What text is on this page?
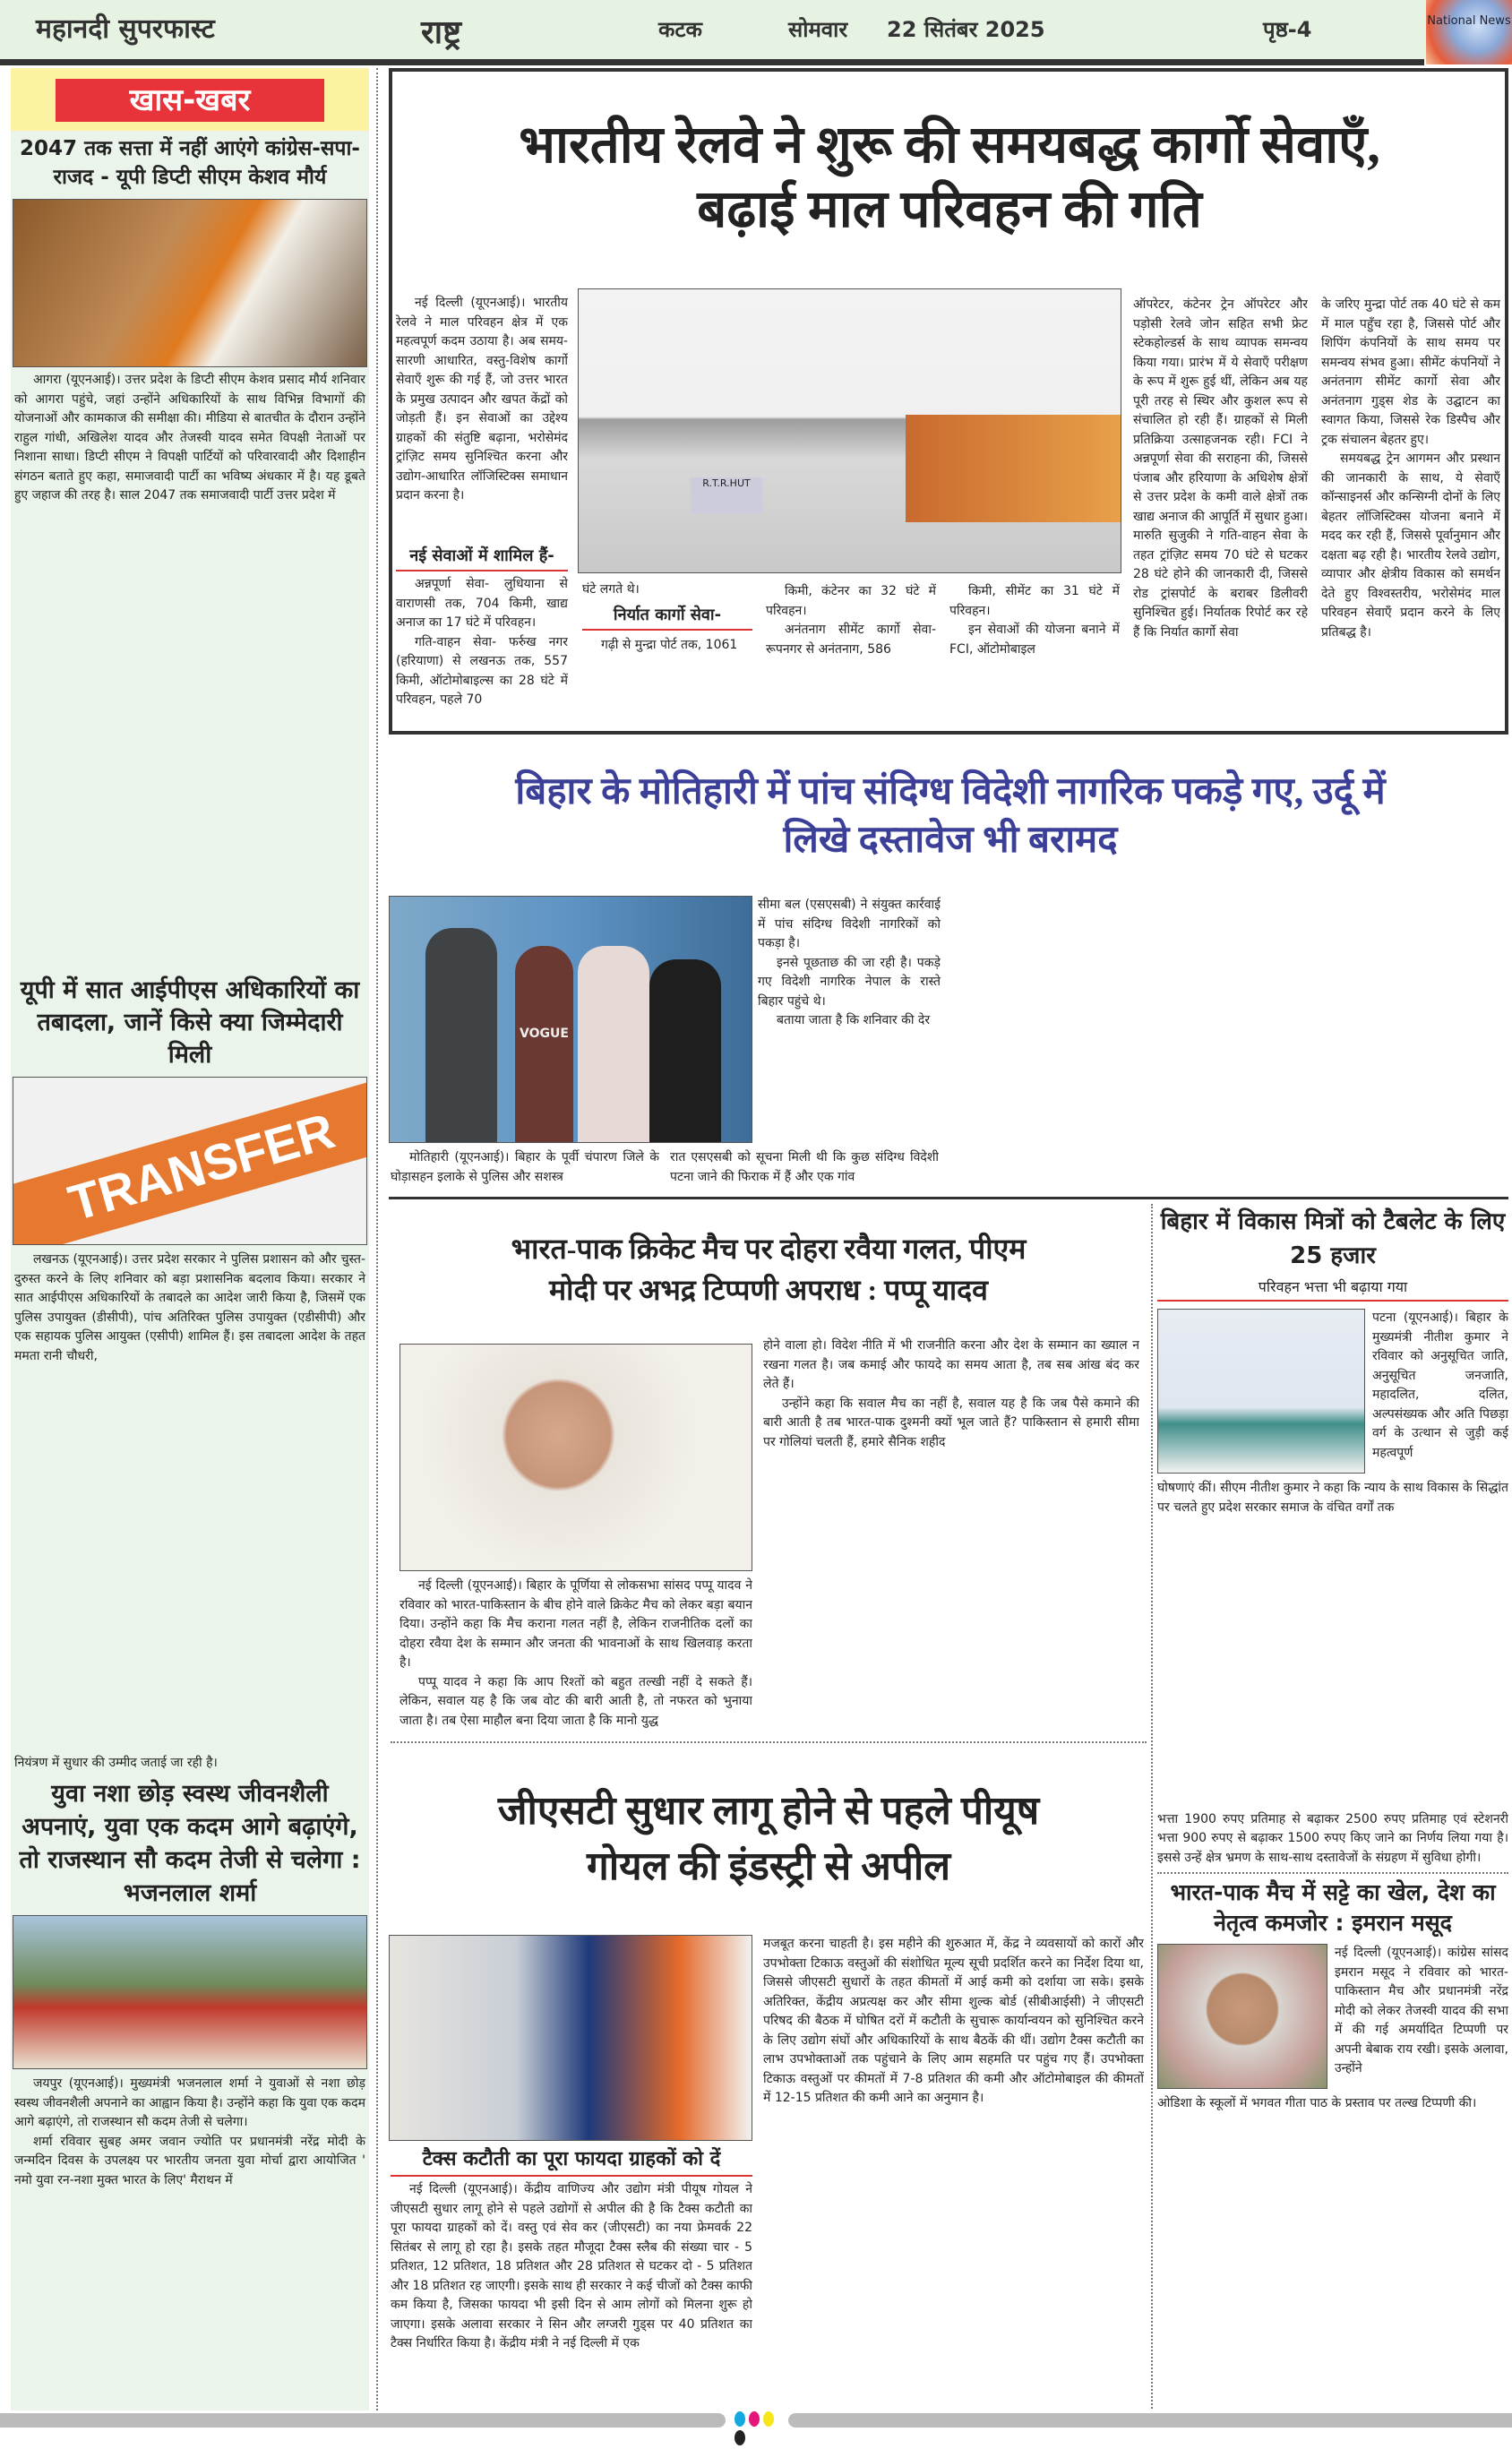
महानदी सुपरफास्ट	राष्ट्र	कटक	सोमवार 22 सितंबर 2025	पृष्ठ-4	National News
खास-खबर
2047 तक सत्ता में नहीं आएंगे कांग्रेस-सपा-राजद - यूपी डिप्टी सीएम केशव मौर्य

आगरा (यूएनआई)। उत्तर प्रदेश के डिप्टी सीएम केशव प्रसाद मौर्य शनिवार को आगरा पहुंचे, जहां उन्होंने अधिकारियों के साथ विभिन्न विभागों की योजनाओं और कामकाज की समीक्षा की। मीडिया से बातचीत के दौरान उन्होंने राहुल गांधी, अखिलेश यादव और तेजस्वी यादव समेत विपक्षी नेताओं पर निशाना साधा। डिप्टी सीएम ने विपक्षी पार्टियों को परिवारवादी और दिशाहीन संगठन बताते हुए कहा, समाजवादी पार्टी का भविष्य अंधकार में है। यह डूबते हुए जहाज की तरह है। साल 2047 तक समाजवादी पार्टी उत्तर प्रदेश में

यूपी में सात आईपीएस अधिकारियों का तबादला, जानें किसे क्या जिम्मेदारी मिली
TRANSFER

लखनऊ (यूएनआई)। उत्तर प्रदेश सरकार ने पुलिस प्रशासन को और चुस्त-दुरुस्त करने के लिए शनिवार को बड़ा प्रशासनिक बदलाव किया। सरकार ने सात आईपीएस अधिकारियों के तबादले का आदेश जारी किया है, जिसमें एक पुलिस उपायुक्त (डीसीपी), पांच अतिरिक्त पुलिस उपायुक्त (एडीसीपी) और एक सहायक पुलिस आयुक्त (एसीपी) शामिल हैं। इस तबादला आदेश के तहत ममता रानी चौधरी,

नियंत्रण में सुधार की उम्मीद जताई जा रही है।
युवा नशा छोड़ स्वस्थ जीवनशैली अपनाएं, युवा एक कदम आगे बढ़ाएंगे, तो राजस्थान सौ कदम तेजी से चलेगा : भजनलाल शर्मा

जयपुर (यूएनआई)। मुख्यमंत्री भजनलाल शर्मा ने युवाओं से नशा छोड़ स्वस्थ जीवनशैली अपनाने का आह्वान किया है। उन्होंने कहा कि युवा एक कदम आगे बढ़ाएंगे, तो राजस्थान सौ कदम तेजी से चलेगा।

शर्मा रविवार सुबह अमर जवान ज्योति पर प्रधानमंत्री नरेंद्र मोदी के जन्मदिन दिवस के उपलक्ष्य पर भारतीय जनता युवा मोर्चा द्वारा आयोजित ' नमो युवा रन-नशा मुक्त भारत के लिए' मैराथन में

भारतीय रेलवे ने शुरू की समयबद्ध कार्गो सेवाएँ,
बढ़ाई माल परिवहन की गति

नई दिल्ली (यूएनआई)। भारतीय रेलवे ने माल परिवहन क्षेत्र में एक महत्वपूर्ण कदम उठाया है। अब समय-सारणी आधारित, वस्तु-विशेष कार्गो सेवाएँ शुरू की गई हैं, जो उत्तर भारत के प्रमुख उत्पादन और खपत केंद्रों को जोड़ती हैं। इन सेवाओं का उद्देश्य ग्राहकों की संतुष्टि बढ़ाना, भरोसेमंद ट्रांज़िट समय सुनिश्चित करना और उद्योग-आधारित लॉजिस्टिक्स समाधान प्रदान करना है।

नई सेवाओं में शामिल हैं-

अन्नपूर्णा सेवा- लुधियाना से वाराणसी तक, 704 किमी, खाद्य अनाज का 17 घंटे में परिवहन।

गति-वाहन सेवा- फर्रुख नगर (हरियाणा) से लखनऊ तक, 557 किमी, ऑटोमोबाइल्स का 28 घंटे में परिवहन, पहले 70

R.T.R.HUT
घंटे लगते थे।
निर्यात कार्गो सेवा-

गढ़ी से मुन्द्रा पोर्ट तक, 1061

किमी, कंटेनर का 32 घंटे में परिवहन।

अनंतनाग सीमेंट कार्गो सेवा- रूपनगर से अनंतनाग, 586

किमी, सीमेंट का 31 घंटे में परिवहन।

इन सेवाओं की योजना बनाने में FCI, ऑटोमोबाइल

ऑपरेटर, कंटेनर ट्रेन ऑपरेटर और पड़ोसी रेलवे जोन सहित सभी फ्रेट स्टेकहोल्डर्स के साथ व्यापक समन्वय किया गया। प्रारंभ में ये सेवाएँ परीक्षण के रूप में शुरू हुई थीं, लेकिन अब यह पूरी तरह से स्थिर और कुशल रूप से संचालित हो रही हैं। ग्राहकों से मिली प्रतिक्रिया उत्साहजनक रही। FCI ने अन्नपूर्णा सेवा की सराहना की, जिससे पंजाब और हरियाणा के अधिशेष क्षेत्रों से उत्तर प्रदेश के कमी वाले क्षेत्रों तक खाद्य अनाज की आपूर्ति में सुधार हुआ। मारुति सुजुकी ने गति-वाहन सेवा के तहत ट्रांज़िट समय 70 घंटे से घटकर 28 घंटे होने की जानकारी दी, जिससे रोड ट्रांसपोर्ट के बराबर डिलीवरी सुनिश्चित हुई। निर्यातक रिपोर्ट कर रहे हैं कि निर्यात कार्गो सेवा
के जरिए मुन्द्रा पोर्ट तक 40 घंटे से कम में माल पहुँच रहा है, जिससे पोर्ट और शिपिंग कंपनियों के साथ समय पर समन्वय संभव हुआ। सीमेंट कंपनियों ने अनंतनाग सीमेंट कार्गो सेवा और अनंतनाग गुड्स शेड के उद्घाटन का स्वागत किया, जिससे रेक डिस्पैच और ट्रक संचालन बेहतर हुए।

समयबद्ध ट्रेन आगमन और प्रस्थान की जानकारी के साथ, ये सेवाएँ कॉन्साइनर्स और कन्सिग्नी दोनों के लिए बेहतर लॉजिस्टिक्स योजना बनाने में मदद कर रही हैं, जिससे पूर्वानुमान और दक्षता बढ़ रही है। भारतीय रेलवे उद्योग, व्यापार और क्षेत्रीय विकास को समर्थन देते हुए विश्वस्तरीय, भरोसेमंद माल परिवहन सेवाएँ प्रदान करने के लिए प्रतिबद्ध है।

बिहार के मोतिहारी में पांच संदिग्ध विदेशी नागरिक पकड़े गए, उर्दू में
लिखे दस्तावेज भी बरामद
VOGUE
सीमा बल (एसएसबी) ने संयुक्त कार्रवाई में पांच संदिग्ध विदेशी नागरिकों को पकड़ा है।

इनसे पूछताछ की जा रही है। पकड़े गए विदेशी नागरिक नेपाल के रास्ते बिहार पहुंचे थे।

बताया जाता है कि शनिवार की देर

मोतिहारी (यूएनआई)। बिहार के पूर्वी चंपारण जिले के घोड़ासहन इलाके से पुलिस और सशस्त्र

रात एसएसबी को सूचना मिली थी कि कुछ संदिग्ध विदेशी पटना जाने की फिराक में हैं और एक गांव
भारत-पाक क्रिकेट मैच पर दोहरा रवैया गलत, पीएम
मोदी पर अभद्र टिप्पणी अपराध : पप्पू यादव

नई दिल्ली (यूएनआई)। बिहार के पूर्णिया से लोकसभा सांसद पप्पू यादव ने रविवार को भारत-पाकिस्तान के बीच होने वाले क्रिकेट मैच को लेकर बड़ा बयान दिया। उन्होंने कहा कि मैच कराना गलत नहीं है, लेकिन राजनीतिक दलों का दोहरा रवैया देश के सम्मान और जनता की भावनाओं के साथ खिलवाड़ करता है।

पप्पू यादव ने कहा कि आप रिश्तों को बहुत तल्खी नहीं दे सकते हैं। लेकिन, सवाल यह है कि जब वोट की बारी आती है, तो नफरत को भुनाया जाता है। तब ऐसा माहौल बना दिया जाता है कि मानो युद्ध

होने वाला हो। विदेश नीति में भी राजनीति करना और देश के सम्मान का ख्याल न रखना गलत है। जब कमाई और फायदे का समय आता है, तब सब आंख बंद कर लेते हैं।

उन्होंने कहा कि सवाल मैच का नहीं है, सवाल यह है कि जब पैसे कमाने की बारी आती है तब भारत-पाक दुश्मनी क्यों भूल जाते हैं? पाकिस्तान से हमारी सीमा पर गोलियां चलती हैं, हमारे सैनिक शहीद

बिहार में विकास मित्रों को टैबलेट के लिए 25 हजार
परिवहन भत्ता भी बढ़ाया गया
पटना (यूएनआई)। बिहार के मुख्यमंत्री नीतीश कुमार ने रविवार को अनुसूचित जाति, अनुसूचित जनजाति, महादलित, दलित, अल्पसंख्यक और अति पिछड़ा वर्ग के उत्थान से जुड़ी कई महत्वपूर्ण
घोषणाएं कीं। सीएम नीतीश कुमार ने कहा कि न्याय के साथ विकास के सिद्धांत पर चलते हुए प्रदेश सरकार समाज के वंचित वर्गों तक
भत्ता 1900 रुपए प्रतिमाह से बढ़ाकर 2500 रुपए प्रतिमाह एवं स्टेशनरी भत्ता 900 रुपए से बढ़ाकर 1500 रुपए किए जाने का निर्णय लिया गया है। इससे उन्हें क्षेत्र भ्रमण के साथ-साथ दस्तावेजों के संग्रहण में सुविधा होगी।
भारत-पाक मैच में सट्टे का खेल, देश का नेतृत्व कमजोर : इमरान मसूद
नई दिल्ली (यूएनआई)। कांग्रेस सांसद इमरान मसूद ने रविवार को भारत-पाकिस्तान मैच और प्रधानमंत्री नरेंद्र मोदी को लेकर तेजस्वी यादव की सभा में की गई अमर्यादित टिप्पणी पर अपनी बेबाक राय रखी। इसके अलावा, उन्होंने
ओडिशा के स्कूलों में भगवत गीता पाठ के प्रस्ताव पर तल्ख टिप्पणी की।
जीएसटी सुधार लागू होने से पहले पीयूष
गोयल की इंडस्ट्री से अपील
टैक्स कटौती का पूरा फायदा ग्राहकों को दें

नई दिल्ली (यूएनआई)। केंद्रीय वाणिज्य और उद्योग मंत्री पीयूष गोयल ने जीएसटी सुधार लागू होने से पहले उद्योगों से अपील की है कि टैक्स कटौती का पूरा फायदा ग्राहकों को दें। वस्तु एवं सेव कर (जीएसटी) का नया फ्रेमवर्क 22 सितंबर से लागू हो रहा है। इसके तहत मौजूदा टैक्स स्लैब की संख्या चार - 5 प्रतिशत, 12 प्रतिशत, 18 प्रतिशत और 28 प्रतिशत से घटकर दो - 5 प्रतिशत और 18 प्रतिशत रह जाएगी। इसके साथ ही सरकार ने कई चीजों को टैक्स काफी कम किया है, जिसका फायदा भी इसी दिन से आम लोगों को मिलना शुरू हो जाएगा। इसके अलावा सरकार ने सिन और लग्जरी गुड्स पर 40 प्रतिशत का टैक्स निर्धारित किया है। केंद्रीय मंत्री ने नई दिल्ली में एक

मजबूत करना चाहती है। इस महीने की शुरुआत में, केंद्र ने व्यवसायों को कारों और उपभोक्ता टिकाऊ वस्तुओं की संशोधित मूल्य सूची प्रदर्शित करने का निर्देश दिया था, जिससे जीएसटी सुधारों के तहत कीमतों में आई कमी को दर्शाया जा सके। इसके अतिरिक्त, केंद्रीय अप्रत्यक्ष कर और सीमा शुल्क बोर्ड (सीबीआईसी) ने जीएसटी परिषद की बैठक में घोषित दरों में कटौती के सुचारू कार्यान्वयन को सुनिश्चित करने के लिए उद्योग संघों और अधिकारियों के साथ बैठकें की थीं। उद्योग टैक्स कटौती का लाभ उपभोक्ताओं तक पहुंचाने के लिए आम सहमति पर पहुंच गए हैं। उपभोक्ता टिकाऊ वस्तुओं पर कीमतों में 7-8 प्रतिशत की कमी और ऑटोमोबाइल की कीमतों में 12-15 प्रतिशत की कमी आने का अनुमान है।
